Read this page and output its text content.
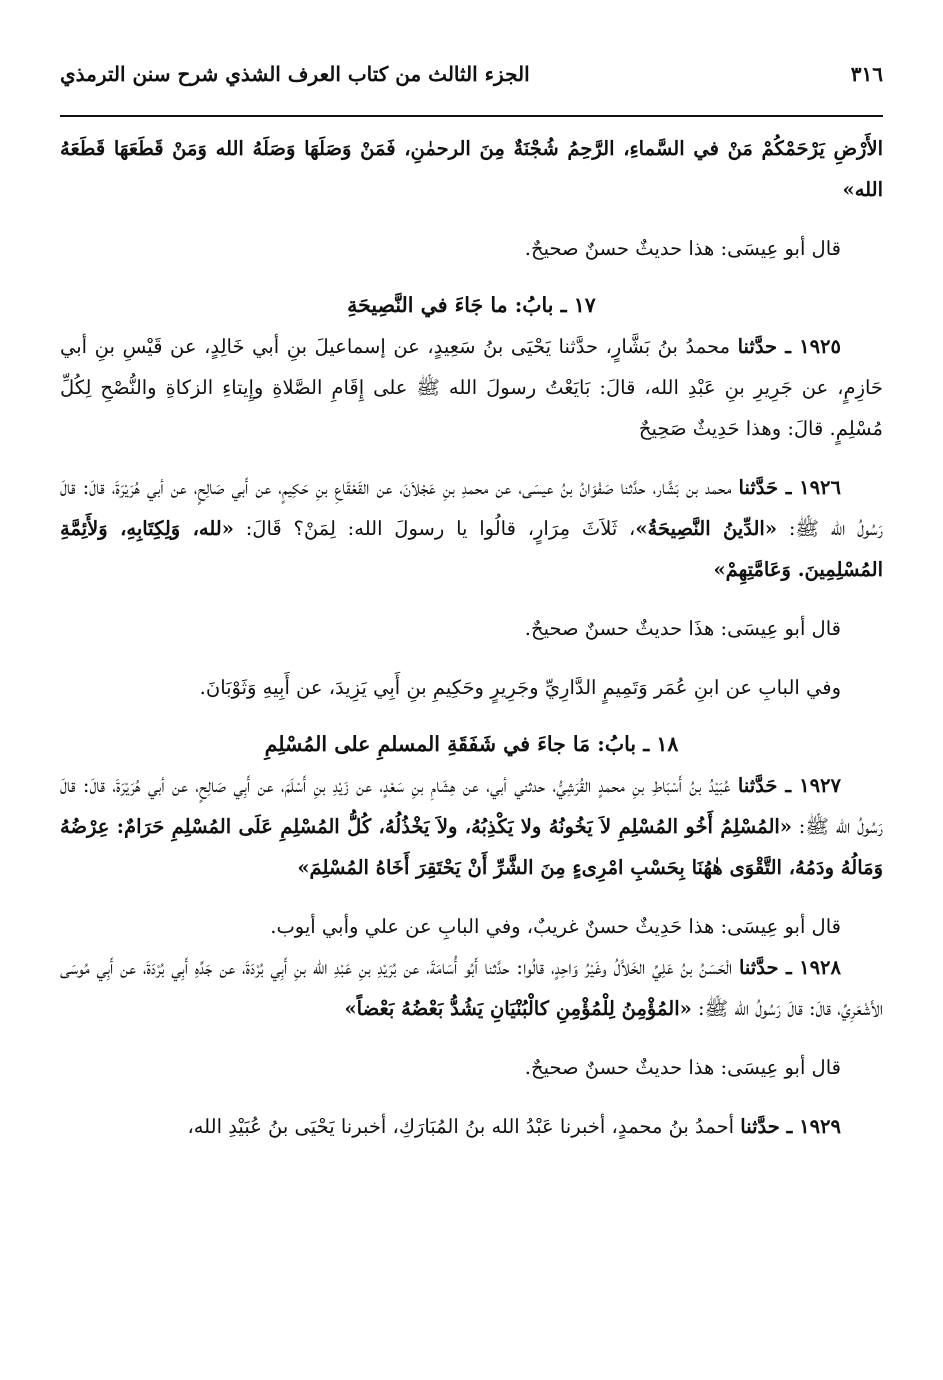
٣١٦
الجزء الثالث من كتاب العرف الشذي شرح سنن الترمذي

الأَرْضِ يَرْحَمْكُمْ مَنْ في السَّماءِ، الرَّحِمُ شُجْنَةٌ مِنَ الرحمٰنِ، فَمَنْ وَصَلَهَا وَصَلَهُ الله وَمَنْ قَطَعَهَا قَطَعَهُ الله»

قال أبو عِيسَى: هذا حديثٌ حسنٌ صحيحٌ.

١٧ ـ بابُ: ما جَاءَ في النَّصِيحَةِ

١٩٢٥ ـ حدَّثنا محمدُ بنُ بَشَّارٍ، حدَّثنا يَحْيَى بنُ سَعِيدٍ، عن إسماعيلَ بنِ أبي خَالِدٍ، عن قَيْسِ بنِ أبي حَازِمٍ، عن جَرِيرِ بنِ عَبْدِ الله، قالَ: بَايَعْتُ رسولَ الله ﷺ على إِقَامِ الصَّلاةِ وإِيتاءِ الزكاةِ والنُّصْحِ لِكُلِّ مُسْلِمٍ. قالَ: وهذا حَدِيثٌ صَحِيحٌ

١٩٢٦ ـ حَدَّثنا محمد بن بَشَّار، حدَّثنا صَفْوَانُ بنُ عيسَى، عن محمدِ بنِ عَجْلاَنَ، عن القَعْقَاعِ بنِ حَكِيمٍ، عن أَبي صَالِحٍ، عن أبي هُرَيْرَةَ، قالَ: قالَ رَسُولُ الله ﷺ: «الدِّينُ النَّصِيحَةُ»، ثَلاَثَ مِرَارٍ، قالُوا يا رسولَ الله: لِمَنْ؟ قَالَ: «لله، وَلِكِتَابِهِ، وَلأَئِمَّةِ المُسْلِمِينَ. وَعَامَّتِهِمْ»

قال أبو عِيسَى: هذَا حديثٌ حسنٌ صحيحٌ.

وفي البابِ عن ابنِ عُمَر وَتَمِيمٍ الدَّارِيِّ وجَرِيرٍ وحَكِيمِ بنِ أَبِي يَزِيدَ، عن أَبِيهِ وَثَوْبَانَ.

١٨ ـ بابُ: مَا جاءَ في شَفَقَةِ المسلمِ على المُسْلِمِ

١٩٢٧ ـ حَدَّثنا عُبَيْدُ بنُ أَسْبَاطِ بنِ محمدٍ القُرَشِيُّ، حدثني أبي، عن هِشَامِ بنِ سَعْدٍ، عن زَيْدِ بنِ أَسْلَمَ، عن أَبِي صَالِحٍ، عن أبي هُرَيْرَةَ، قالَ: قالَ رَسُولُ الله ﷺ: «المُسْلِمُ أَخُو المُسْلِمِ لاَ يَخُونُهُ ولا يَكْذِبُهُ، ولاَ يَخْذُلُهُ، كُلُّ المُسْلِمِ عَلَى المُسْلِمِ حَرَامٌ: عِرْضُهُ وَمَالُهُ ودَمُهُ، التَّقْوَى هٰهُنَا بِحَسْبِ امْرِىءٍ مِنَ الشَّرِّ أَنْ يَحْتَقِرَ أَخَاهُ المُسْلِمَ»

قال أبو عِيسَى: هذا حَدِيثٌ حسنٌ غريبٌ، وفي البابِ عن علي وأبي أيوب.

١٩٢٨ ـ حدَّثنا الْحَسَنُ بنُ عَلِيِّ الخَلاَّلُ وغَيْرُ وَاحِدٍ، قالُوا: حدَّثنا أَبُو أُسَامَةَ، عن بُرَيْدِ بنِ عَبْدِ الله بنِ أَبِي بُرْدَةَ، عن جَدِّهِ أَبِي بُرْدَةَ، عن أَبِي مُوسَى الأَشْعَرِيِّ، قالَ: قالَ رَسُولُ الله ﷺ: «المُؤْمِنُ لِلْمُؤْمِنِ كالْبُنْيَانِ يَشُدُّ بَعْضُهُ بَعْضاً»

قال أبو عِيسَى: هذا حديثٌ حسنٌ صحيحٌ.

١٩٢٩ ـ حدَّثنا أحمدُ بنُ محمدٍ، أخبرنا عَبْدُ الله بنُ المُبَارَكِ، أخبرنا يَحْيَى بنُ عُبَيْدِ الله،
